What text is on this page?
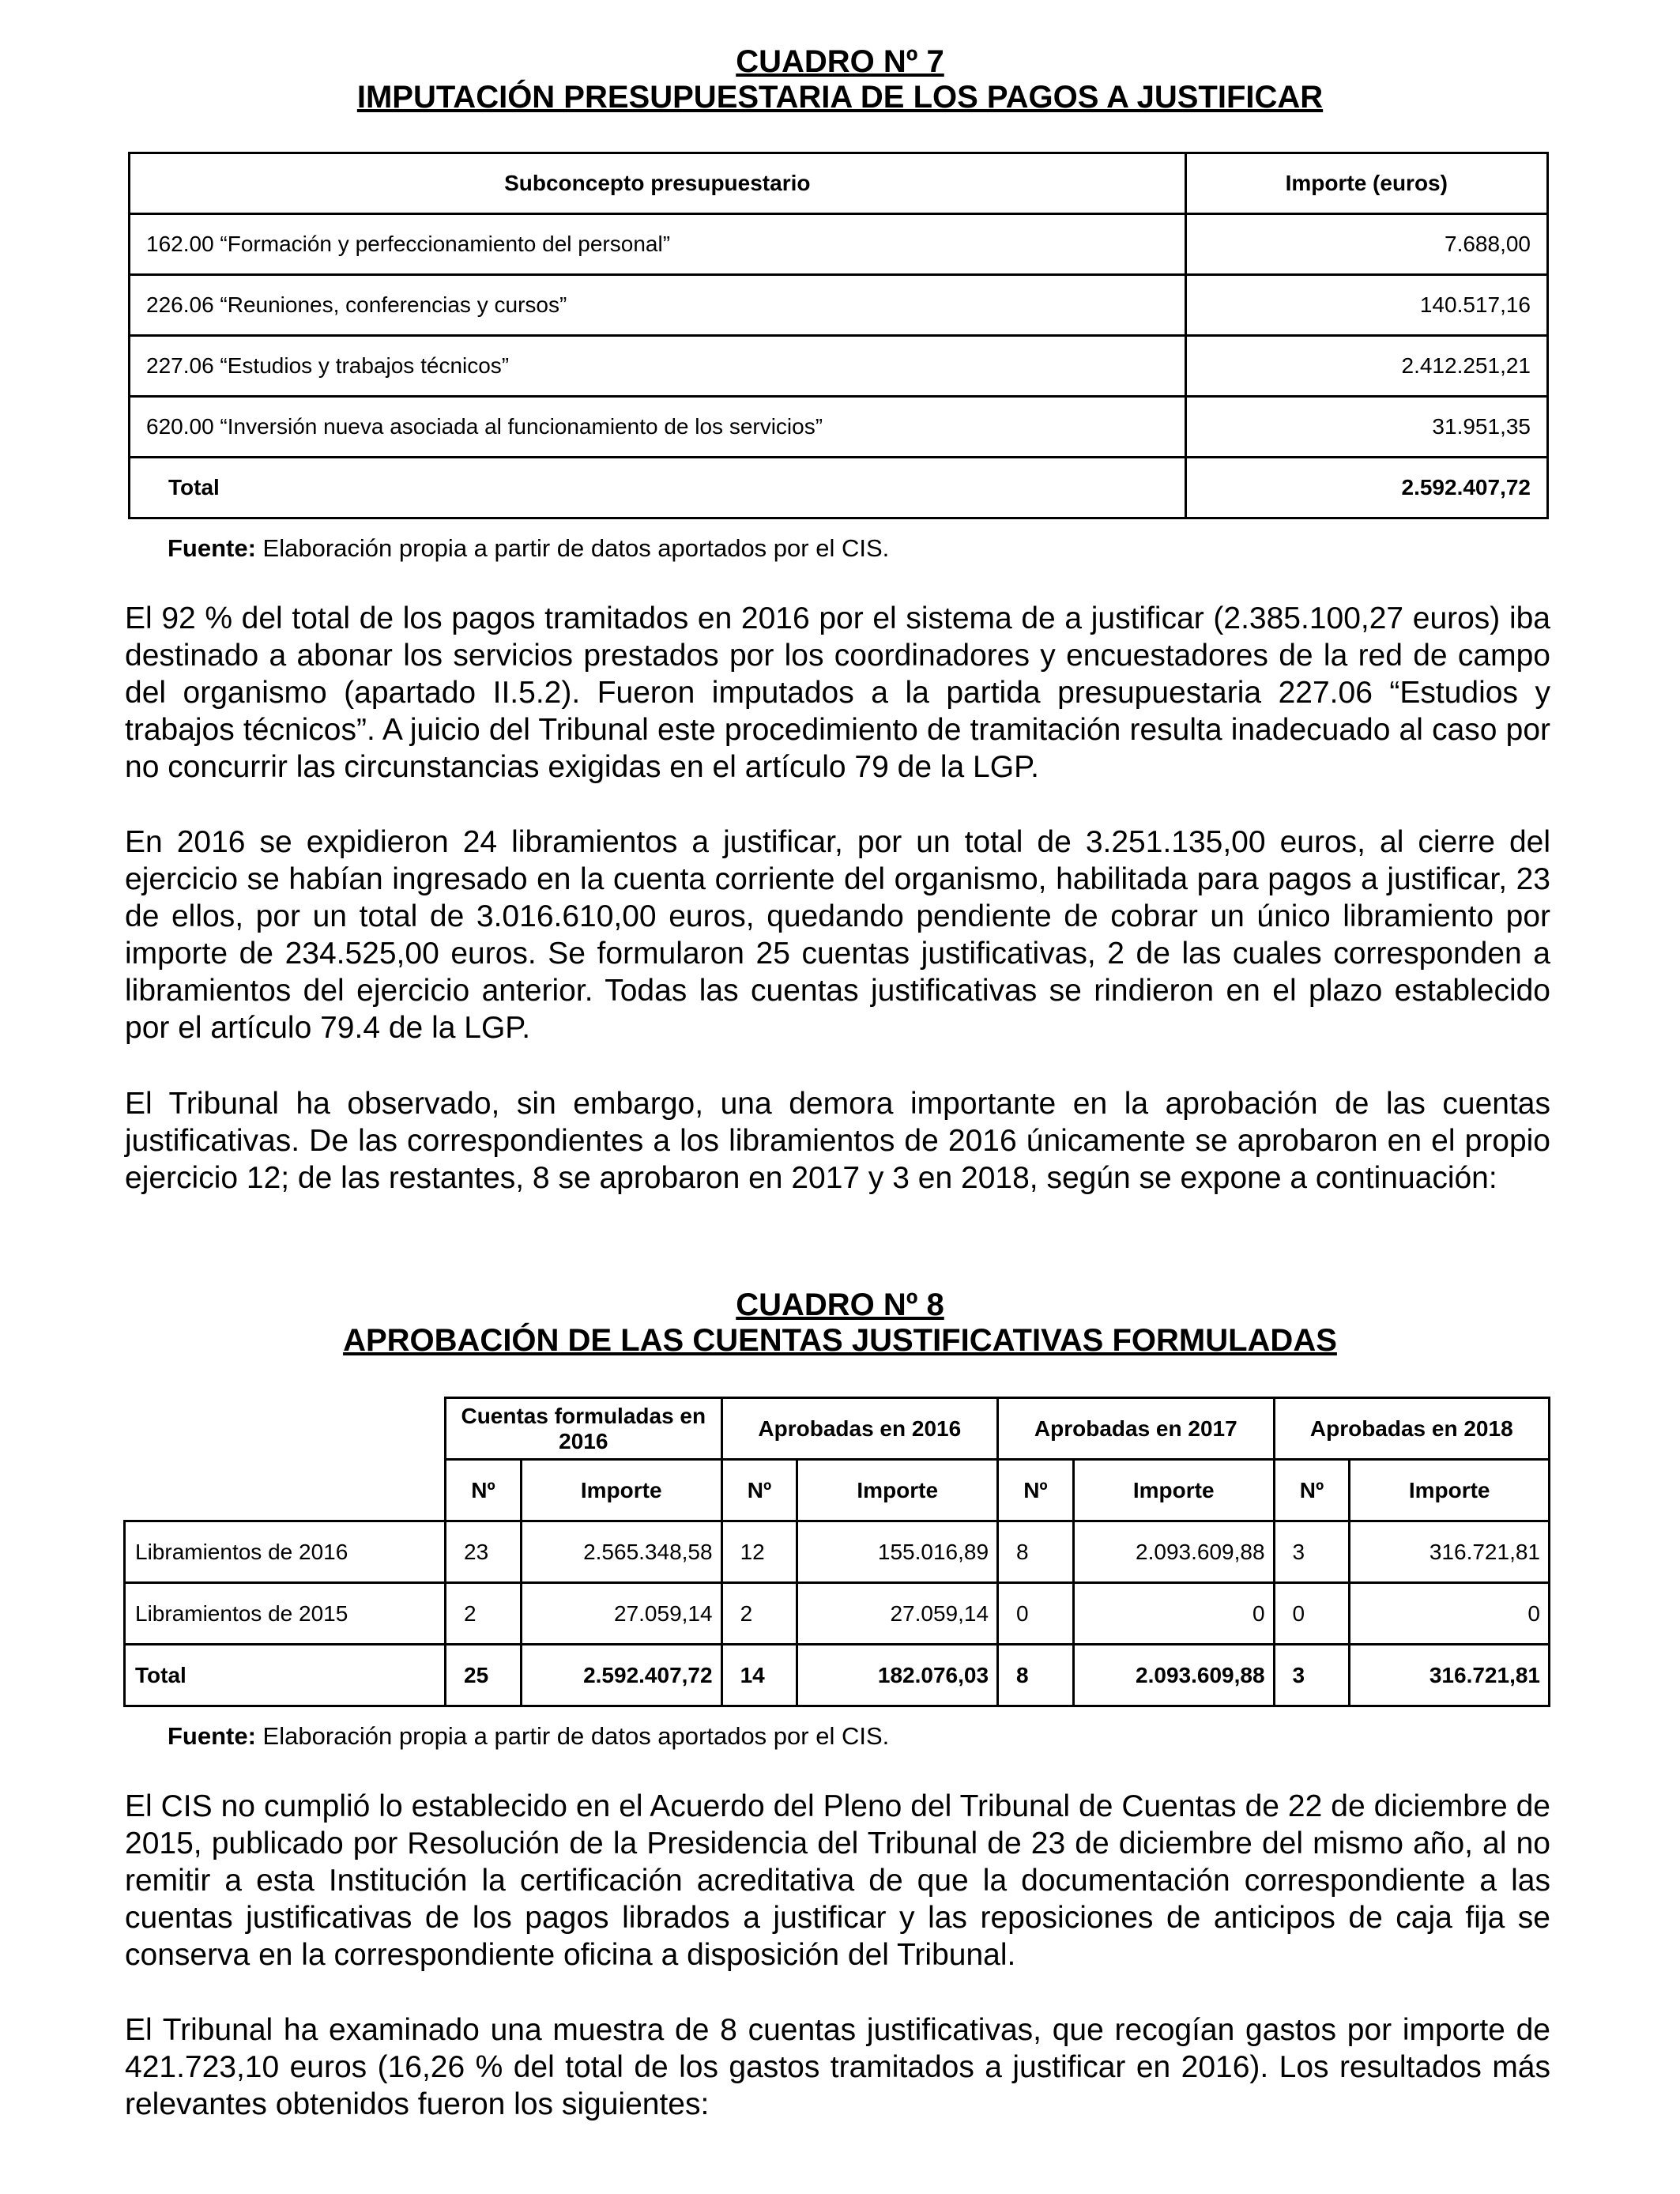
CUADRO Nº 7
IMPUTACIÓN PRESUPUESTARIA DE LOS PAGOS A JUSTIFICAR
Subconcepto presupuestario	Importe (euros)
162.00 “Formación y perfeccionamiento del personal”	7.688,00
226.06 “Reuniones, conferencias y cursos”	140.517,16
227.06 “Estudios y trabajos técnicos”	2.412.251,21
620.00 “Inversión nueva asociada al funcionamiento de los servicios”	31.951,35
Total	2.592.407,72
Fuente: Elaboración propia a partir de datos aportados por el CIS.

El 92 % del total de los pagos tramitados en 2016 por el sistema de a justificar (2.385.100,27 euros) iba destinado a abonar los servicios prestados por los coordinadores y encuestadores de la red de campo del organismo (apartado II.5.2). Fueron imputados a la partida presupuestaria 227.06 “Estudios y trabajos técnicos”. A juicio del Tribunal este procedimiento de tramitación resulta inadecuado al caso por no concurrir las circunstancias exigidas en el artículo 79 de la LGP.

En 2016 se expidieron 24 libramientos a justificar, por un total de 3.251.135,00 euros, al cierre del ejercicio se habían ingresado en la cuenta corriente del organismo, habilitada para pagos a justificar, 23 de ellos, por un total de 3.016.610,00 euros, quedando pendiente de cobrar un único libramiento por importe de 234.525,00 euros. Se formularon 25 cuentas justificativas, 2 de las cuales corresponden a libramientos del ejercicio anterior. Todas las cuentas justificativas se rindieron en el plazo establecido por el artículo 79.4 de la LGP.

El Tribunal ha observado, sin embargo, una demora importante en la aprobación de las cuentas justificativas. De las correspondientes a los libramientos de 2016 únicamente se aprobaron en el propio ejercicio 12; de las restantes, 8 se aprobaron en 2017 y 3 en 2018, según se expone a continuación:

CUADRO Nº 8
APROBACIÓN DE LAS CUENTAS JUSTIFICATIVAS FORMULADAS
	Cuentas formuladas en 2016		Aprobadas en 2016		Aprobadas en 2017		Aprobadas en 2018	
	Nº	Importe	Nº	Importe	Nº	Importe	Nº	Importe
Libramientos de 2016	23	2.565.348,58	12	155.016,89	8	2.093.609,88	3	316.721,81
Libramientos de 2015	2	27.059,14	2	27.059,14	0	0	0	0
Total	25	2.592.407,72	14	182.076,03	8	2.093.609,88	3	316.721,81
Fuente: Elaboración propia a partir de datos aportados por el CIS.

El CIS no cumplió lo establecido en el Acuerdo del Pleno del Tribunal de Cuentas de 22 de diciembre de 2015, publicado por Resolución de la Presidencia del Tribunal de 23 de diciembre del mismo año, al no remitir a esta Institución la certificación acreditativa de que la documentación correspondiente a las cuentas justificativas de los pagos librados a justificar y las reposiciones de anticipos de caja fija se conserva en la correspondiente oficina a disposición del Tribunal.

El Tribunal ha examinado una muestra de 8 cuentas justificativas, que recogían gastos por importe de 421.723,10 euros (16,26 % del total de los gastos tramitados a justificar en 2016). Los resultados más relevantes obtenidos fueron los siguientes:
